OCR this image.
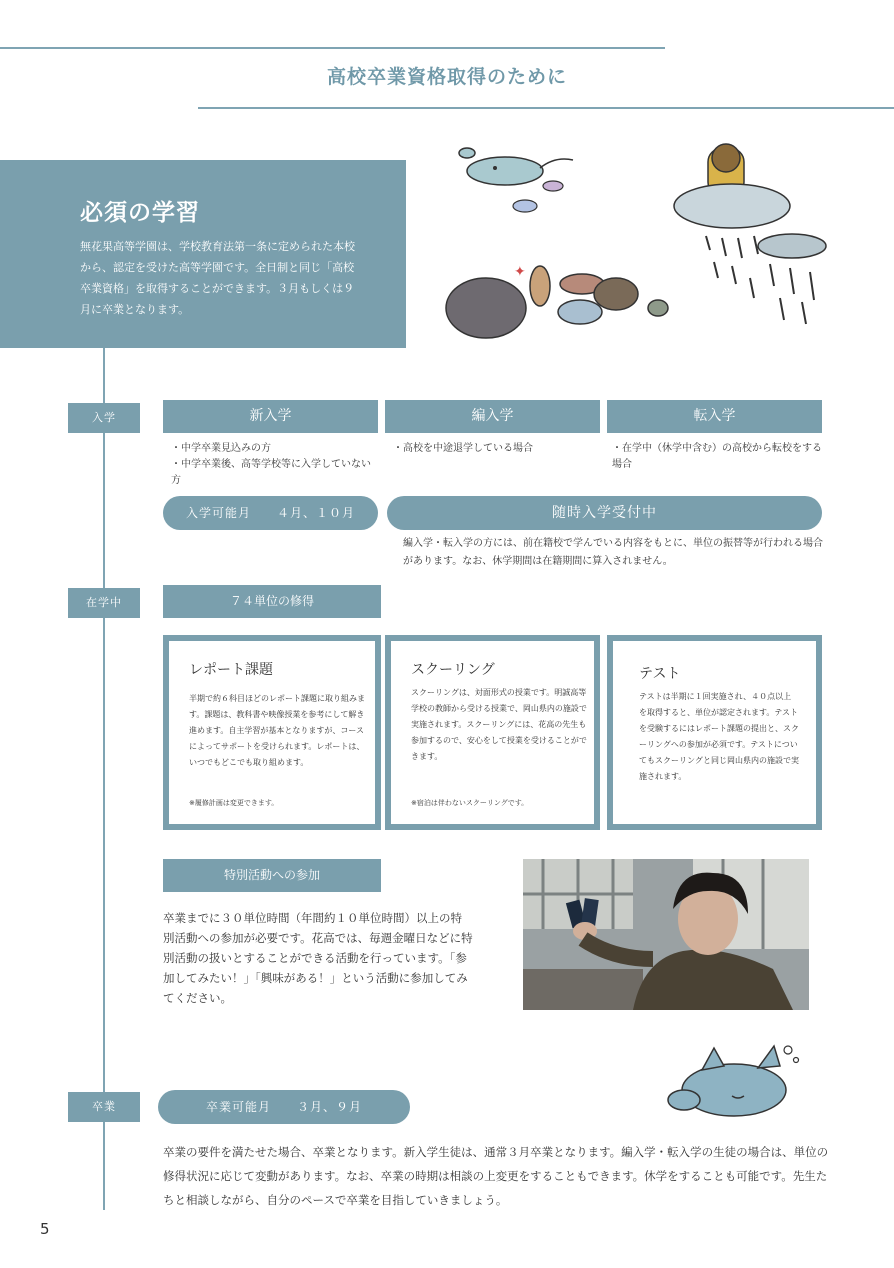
高校卒業資格取得のために
必須の学習

無花果高等学園は、学校教育法第一条に定められた本校から、認定を受けた高等学園です。全日制と同じ「高校卒業資格」を取得することができます。３月もしくは９月に卒業となります。

✦
入学	新入学	編入学	転入学
・中学卒業見込みの方
・中学卒業後、高等学校等に入学していない方
・高校を中途退学している場合	・在学中（休学中含む）の高校から転校をする場合
入学可能月　　４月、１０月	随時入学受付中
編入学・転入学の方には、前在籍校で学んでいる内容をもとに、単位の振替等が行われる場合があります。なお、休学期間は在籍期間に算入されません。
在学中	７４単位の修得
レポート課題
半期で約６科目ほどのレポート課題に取り組みます。課題は、教科書や映像授業を参考にして解き進めます。自主学習が基本となりますが、コースによってサポートを受けられます。レポートは、いつでもどこでも取り組めます。
※履修計画は変更できます。
スクーリング
スクーリングは、対面形式の授業です。明誠高等学校の教師から受ける授業で、岡山県内の施設で実施されます。スクーリングには、花高の先生も参加するので、安心をして授業を受けることができます。
※宿泊は伴わないスクーリングです。
テスト
テストは半期に１回実施され、４０点以上を取得すると、単位が認定されます。テストを受験するにはレポート課題の提出と、スクーリングへの参加が必須です。テストについてもスクーリングと同じ岡山県内の施設で実施されます。
特別活動への参加
卒業までに３０単位時間（年間約１０単位時間）以上の特別活動への参加が必要です。花高では、毎週金曜日などに特別活動の扱いとすることができる活動を行っています。「参加してみたい！」「興味がある！」という活動に参加してみてください。
卒業	卒業可能月　　３月、９月
卒業の要件を満たせた場合、卒業となります。新入学生徒は、通常３月卒業となります。編入学・転入学の生徒の場合は、単位の修得状況に応じて変動があります。なお、卒業の時期は相談の上変更をすることもできます。休学をすることも可能です。先生たちと相談しながら、自分のペースで卒業を目指していきましょう。
5
